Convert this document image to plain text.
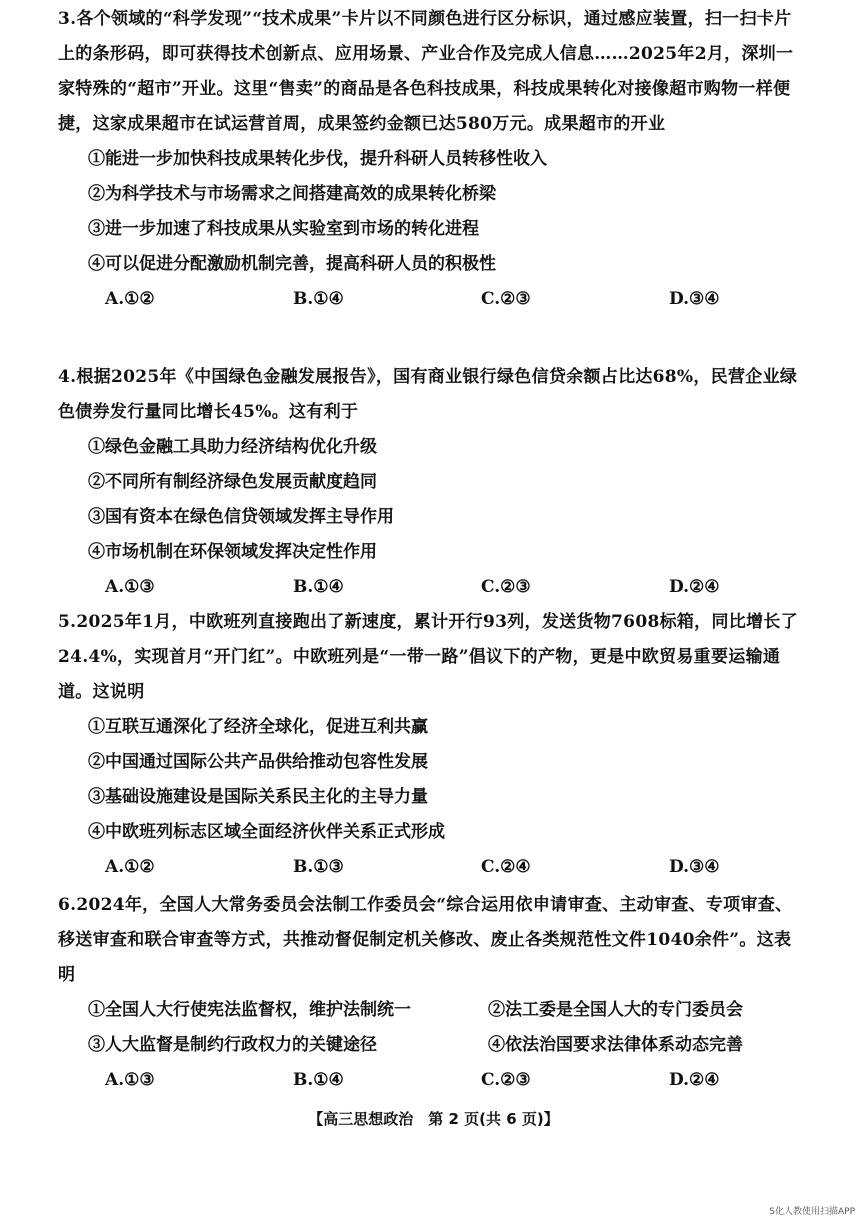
3.各个领域的“科学发现”“技术成果”卡片以不同颜色进行区分标识，通过感应装置，扫一扫卡片上的条形码，即可获得技术创新点、应用场景、产业合作及完成人信息……2025年2月，深圳一家特殊的“超市”开业。这里“售卖”的商品是各色科技成果，科技成果转化对接像超市购物一样便捷，这家成果超市在试运营首周，成果签约金额已达580万元。成果超市的开业
①能进一步加快科技成果转化步伐，提升科研人员转移性收入
②为科学技术与市场需求之间搭建高效的成果转化桥梁
③进一步加速了科技成果从实验室到市场的转化进程
④可以促进分配激励机制完善，提高科研人员的积极性
A.①②	B.①④	C.②③	D.③④
4.根据2025年《中国绿色金融发展报告》，国有商业银行绿色信贷余额占比达68%，民营企业绿色债券发行量同比增长45%。这有利于
①绿色金融工具助力经济结构优化升级
②不同所有制经济绿色发展贡献度趋同
③国有资本在绿色信贷领域发挥主导作用
④市场机制在环保领域发挥决定性作用
A.①③	B.①④	C.②③	D.②④
5.2025年1月，中欧班列直接跑出了新速度，累计开行93列，发送货物7608标箱，同比增长了24.4%，实现首月“开门红”。中欧班列是“一带一路”倡议下的产物，更是中欧贸易重要运输通道。这说明
①互联互通深化了经济全球化，促进互利共赢
②中国通过国际公共产品供给推动包容性发展
③基础设施建设是国际关系民主化的主导力量
④中欧班列标志区域全面经济伙伴关系正式形成
A.①②	B.①③	C.②④	D.③④
6.2024年，全国人大常务委员会法制工作委员会“综合运用依申请审查、主动审查、专项审查、移送审查和联合审查等方式，共推动督促制定机关修改、废止各类规范性文件1040余件”。这表明
①全国人大行使宪法监督权，维护法制统一	②法工委是全国人大的专门委员会
③人大监督是制约行政权力的关键途径	④依法治国要求法律体系动态完善
A.①③	B.①④	C.②③	D.②④
【高三思想政治　第 2 页(共 6 页)】
S化人教使用扫描APP
